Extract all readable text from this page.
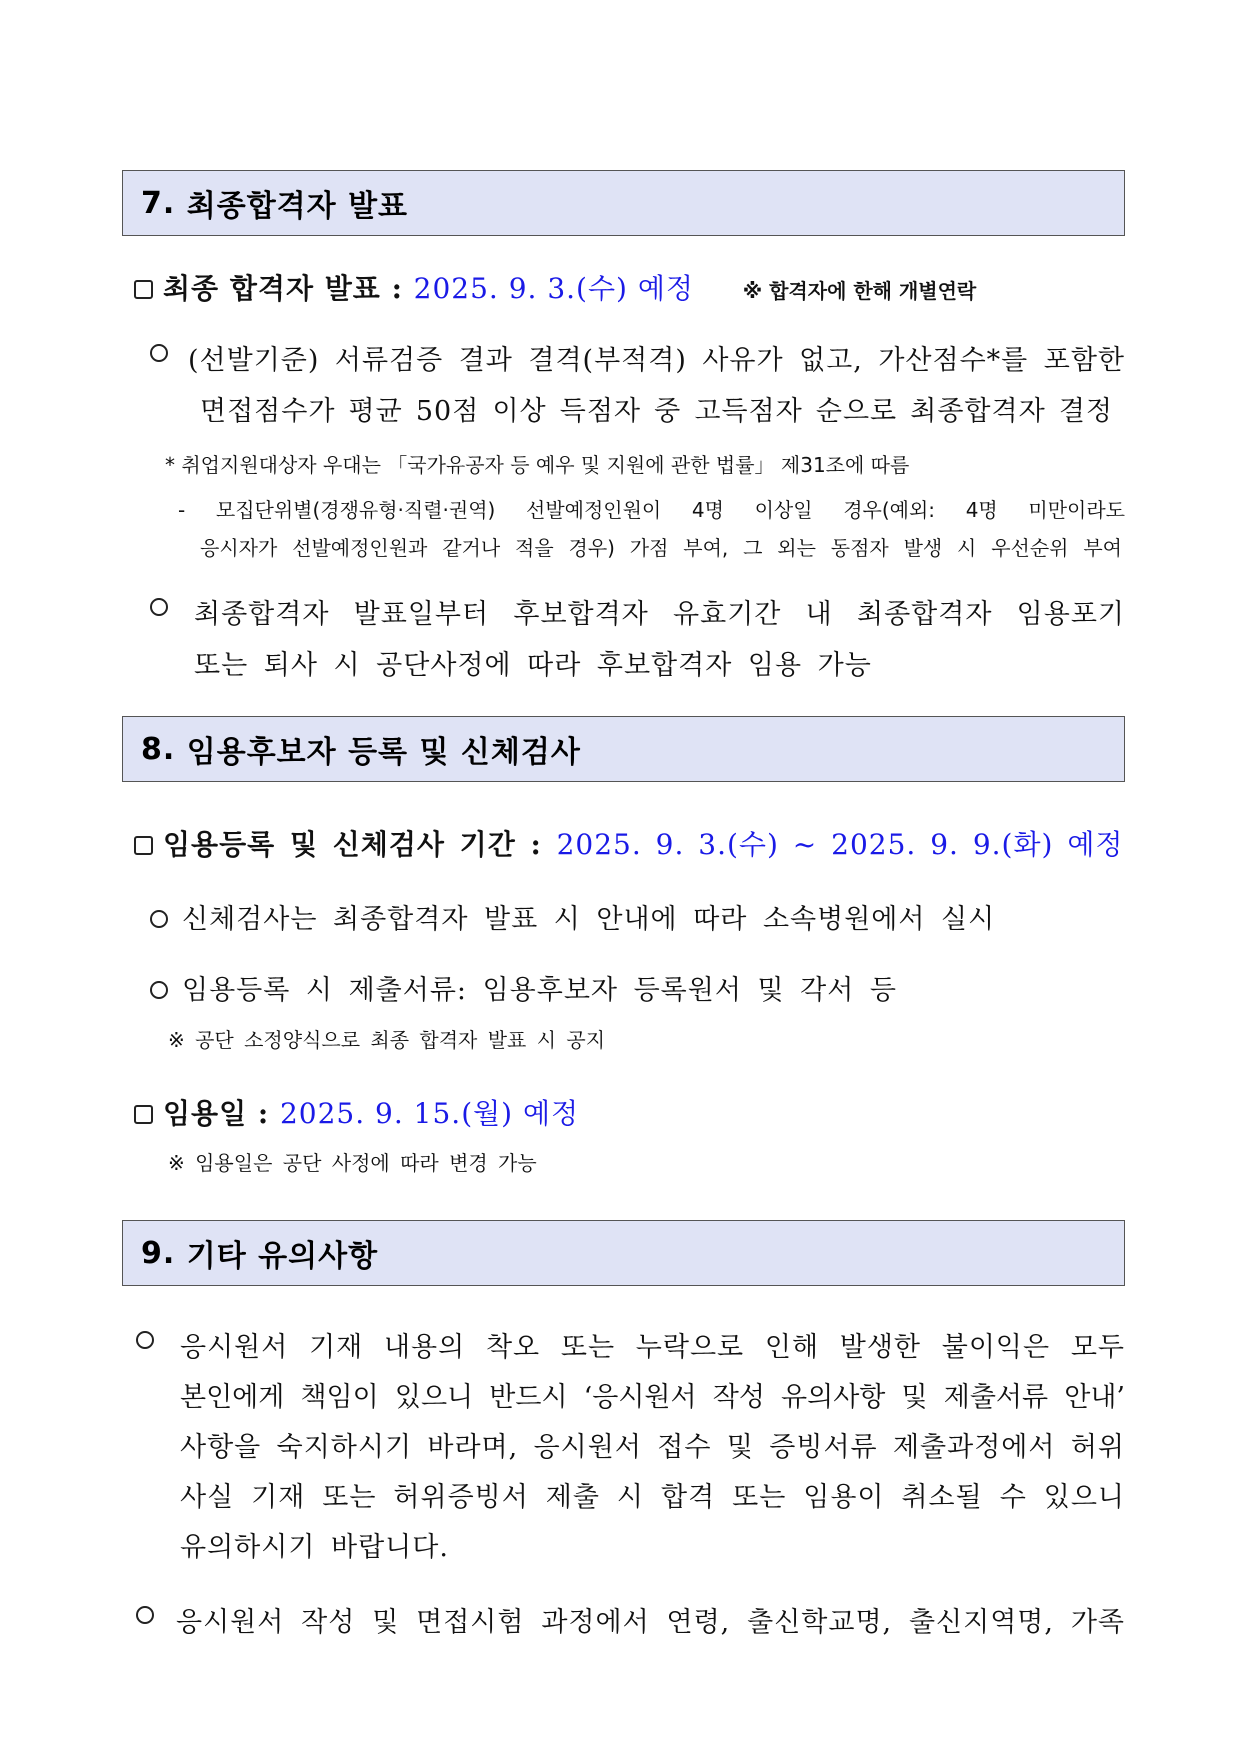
7.
최종합격자 발표
최종 합격자 발표 : 2025. 9. 3.(수) 예정 ※ 합격자에 한해 개별연락
(선발기준) 서류검증 결과 결격(부적격) 사유가 없고, 가산점수*를 포함한
면접점수가 평균 50점 이상 득점자 중 고득점자 순으로 최종합격자 결정
* 취업지원대상자 우대는 「국가유공자 등 예우 및 지원에 관한 법률」 제31조에 따름
- 모집단위별(경쟁유형·직렬·권역) 선발예정인원이 4명 이상일 경우(예외: 4명 미만이라도
응시자가 선발예정인원과 같거나 적을 경우) 가점 부여, 그 외는 동점자 발생 시 우선순위 부여
최종합격자 발표일부터 후보합격자 유효기간 내 최종합격자 임용포기
또는 퇴사 시 공단사정에 따라 후보합격자 임용 가능
8.
임용후보자 등록 및 신체검사
임용등록 및 신체검사 기간 : 2025. 9. 3.(수) ~ 2025. 9. 9.(화) 예정
신체검사는 최종합격자 발표 시 안내에 따라 소속병원에서 실시
임용등록 시 제출서류: 임용후보자 등록원서 및 각서 등
※ 공단 소정양식으로 최종 합격자 발표 시 공지
임용일 : 2025. 9. 15.(월) 예정
※ 임용일은 공단 사정에 따라 변경 가능
9.
기타 유의사항
응시원서 기재 내용의 착오 또는 누락으로 인해 발생한 불이익은 모두
본인에게 책임이 있으니 반드시 ‘응시원서 작성 유의사항 및 제출서류 안내’
사항을 숙지하시기 바라며, 응시원서 접수 및 증빙서류 제출과정에서 허위
사실 기재 또는 허위증빙서 제출 시 합격 또는 임용이 취소될 수 있으니
유의하시기 바랍니다.
응시원서 작성 및 면접시험 과정에서 연령, 출신학교명, 출신지역명, 가족
